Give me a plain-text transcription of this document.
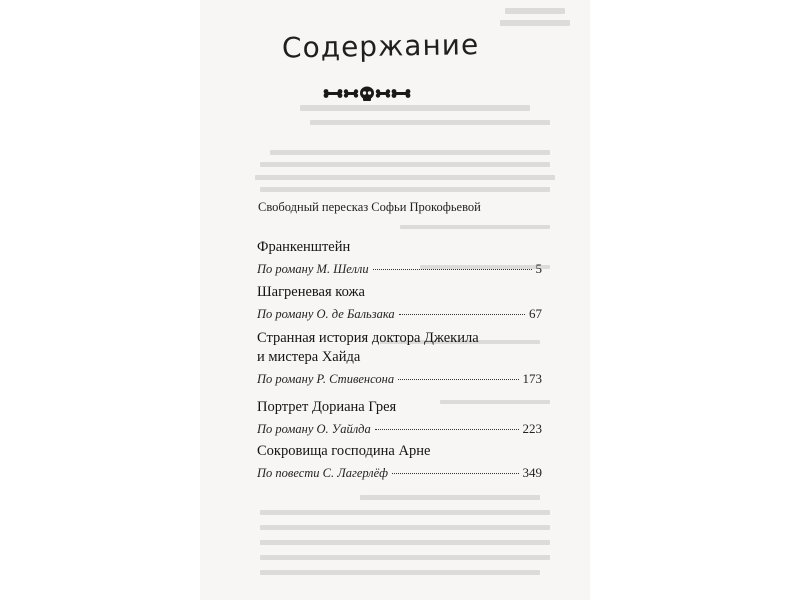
Содержание
Свободный пересказ Софьи Прокофьевой
Франкенштейн
По роману М. Шелли	5
Шагреневая кожа
По роману О. де Бальзака	67
Странная история доктора Джекила
и мистера Хайда
По роману Р. Стивенсона	173
Портрет Дориана Грея
По роману О. Уайлда	223
Сокровища господина Арне
По повести С. Лагерлёф	349
